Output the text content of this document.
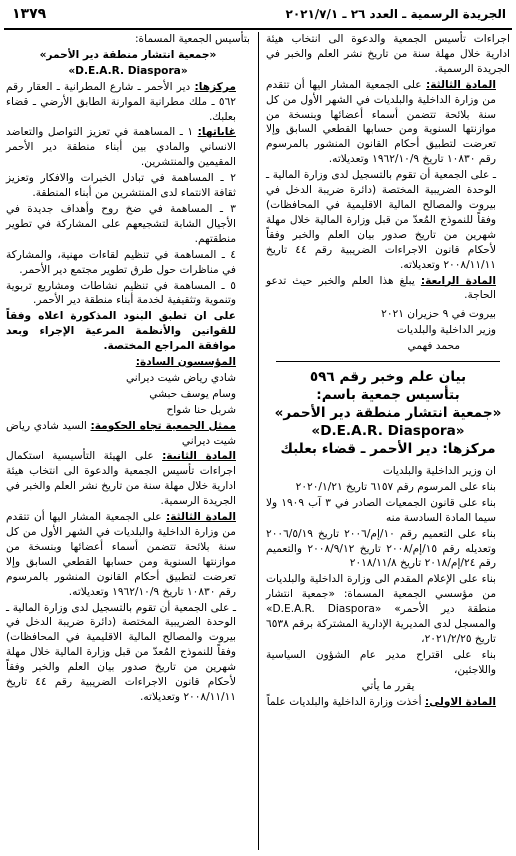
الجريدة الرسمية ـ العدد ٢٦ ـ ٢٠٢١/٧/١
١٣٧٩

اجراءات تأسيس الجمعية والدعوة الى انتخاب هيئة ادارية خلال مهلة سنة من تاريخ نشر العلم والخبر في الجريدة الرسمية.

المادة الثالثة: على الجمعية المشار اليها أن تتقدم من وزارة الداخلية والبلديات في الشهر الأول من كل سنة بلائحة تتضمن أسماء أعضائها وبنسخة من موازنتها السنوية ومن حسابها القطعي السابق وإلا تعرضت لتطبيق أحكام القانون المنشور بالمرسوم رقم ١٠٨٣٠ تاريخ ١٩٦٢/١٠/٩ وتعديلاته.

ـ على الجمعية أن تقوم بالتسجيل لدى وزارة المالية ـ الوحدة الضريبية المختصة (دائرة ضريبة الدخل في بيروت والمصالح المالية الاقليمية في المحافظات) وفقاً للنموذج المُعدّ من قبل وزارة المالية خلال مهلة شهرين من تاريخ صدور بيان العلم والخبر وفقاً لأحكام قانون الاجراءات الضريبية رقم ٤٤ تاريخ ٢٠٠٨/١١/١١ وتعديلاته.

المادة الرابعة: يبلغ هذا العلم والخبر حيث تدعو الحاجة.

بيروت في ٩ حزيران ٢٠٢١

وزير الداخلية والبلديات

محمد فهمي

بيان علم وخبر رقم ٥٩٦
بتأسيس جمعية باسم:
«جمعية انتشار منطقة دير الأحمر»
«D.E.A.R. Diaspora»
مركزها: دير الأحمر ـ قضاء بعلبك

ان وزير الداخلية والبلديات

بناء على المرسوم رقم ٦١٥٧ تاريخ ٢٠٢٠/١/٢١

بناء على قانون الجمعيات الصادر في ٣ آب ١٩٠٩ ولا سيما المادة السادسة منه

بناء على التعميم رقم ١٠/إم/٢٠٠٦ تاريخ ٢٠٠٦/٥/١٩ وتعديله رقم ١٥/إم/٢٠٠٨ تاريخ ٢٠٠٨/٩/١٢ والتعميم رقم ٢٤/إم/٢٠١٨ تاريخ ٢٠١٨/١١/٨

بناء على الإعلام المقدم الى وزارة الداخلية والبلديات من مؤسسي الجمعية المسماة: «جمعية انتشار منطقة دير الأحمر» «D.E.A.R. Diaspora» والمسجل لدى المديرية الإدارية المشتركة برقم ٦٥٣٨ تاريخ ٢٠٢١/٢/٢٥،

بناء على اقتراح مدير عام الشؤون السياسية واللاجئين،

يقرر ما يأتي

المادة الاولى: أخذت وزارة الداخلية والبلديات علماً

بتأسيس الجمعية المسماة:

«جمعية انتشار منطقة دير الأحمر»

«D.E.A.R. Diaspora»

مركزها: دير الأحمر ـ شارع المطرانية ـ العقار رقم ٥٦٢ ـ ملك مطرانية الموارنة الطابق الأرضي ـ قضاء بعلبك.

غاياتها: ١ ـ المساهمة في تعزيز التواصل والتعاضد الانساني والمادي بين أبناء منطقة دير الأحمر المقيمين والمنتشرين.

٢ ـ المساهمة في تبادل الخبرات والافكار وتعزيز ثقافة الانتماء لدى المنتشرين من أبناء المنطقة.

٣ ـ المساهمة في ضخ روح وأهداف جديدة في الأجيال الشابة لتشجيعهم على المشاركة في تطوير منطقتهم.

٤ ـ المساهمة في تنظيم لقاءات مهنية، والمشاركة في مناظرات حول طرق تطوير مجتمع دير الأحمر.

٥ ـ المساهمة في تنظيم نشاطات ومشاريع تربوية وتنموية وتثقيفية لخدمة أبناء منطقة دير الأحمر.

على ان تطبق البنود المذكورة اعلاه وفقاً للقوانين والأنظمة المرعية الإجراء وبعد موافقة المراجع المختصة.

المؤسسون السادة:

شادي رياض شيت ديراني

وسام يوسف حبشي

شربل حنا شواح

ممثل الجمعية تجاه الحكومة: السيد شادي رياض شيت ديراني

المادة الثانية: على الهيئة التأسيسية استكمال اجراءات تأسيس الجمعية والدعوة الى انتخاب هيئة ادارية خلال مهلة سنة من تاريخ نشر العلم والخبر في الجريدة الرسمية.

المادة الثالثة: على الجمعية المشار اليها أن تتقدم من وزارة الداخلية والبلديات في الشهر الأول من كل سنة بلائحة تتضمن أسماء أعضائها وبنسخة من موازنتها السنوية ومن حسابها القطعي السابق وإلا تعرضت لتطبيق أحكام القانون المنشور بالمرسوم رقم ١٠٨٣٠ تاريخ ١٩٦٢/١٠/٩ وتعديلاته.

ـ على الجمعية أن تقوم بالتسجيل لدى وزارة المالية ـ الوحدة الضريبية المختصة (دائرة ضريبة الدخل في بيروت والمصالح المالية الاقليمية في المحافظات) وفقاً للنموذج المُعدّ من قبل وزارة المالية خلال مهلة شهرين من تاريخ صدور بيان العلم والخبر وفقاً لأحكام قانون الاجراءات الضريبية رقم ٤٤ تاريخ ٢٠٠٨/١١/١١ وتعديلاته.
